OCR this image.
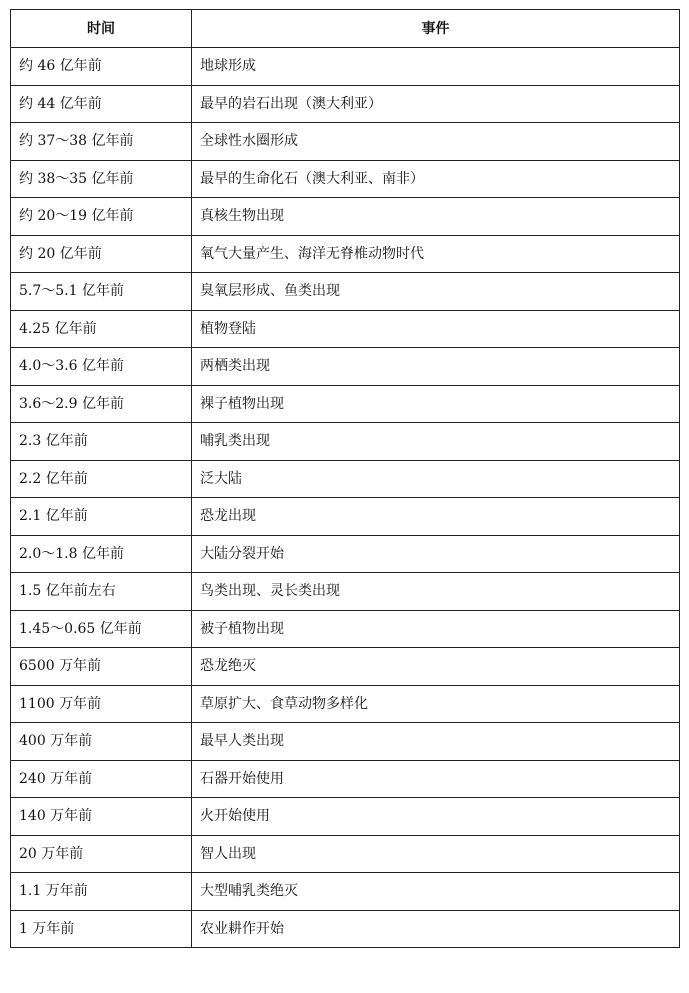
时间	事件
约 46 亿年前	地球形成
约 44 亿年前	最早的岩石出现（澳大利亚）
约 37～38 亿年前	全球性水圈形成
约 38～35 亿年前	最早的生命化石（澳大利亚、南非）
约 20～19 亿年前	真核生物出现
约 20 亿年前	氧气大量产生、海洋无脊椎动物时代
5.7～5.1 亿年前	臭氧层形成、鱼类出现
4.25 亿年前	植物登陆
4.0～3.6 亿年前	两栖类出现
3.6～2.9 亿年前	裸子植物出现
2.3 亿年前	哺乳类出现
2.2 亿年前	泛大陆
2.1 亿年前	恐龙出现
2.0～1.8 亿年前	大陆分裂开始
1.5 亿年前左右	鸟类出现、灵长类出现
1.45～0.65 亿年前	被子植物出现
6500 万年前	恐龙绝灭
1100 万年前	草原扩大、食草动物多样化
400 万年前	最早人类出现
240 万年前	石器开始使用
140 万年前	火开始使用
20 万年前	智人出现
1.1 万年前	大型哺乳类绝灭
1 万年前	农业耕作开始
